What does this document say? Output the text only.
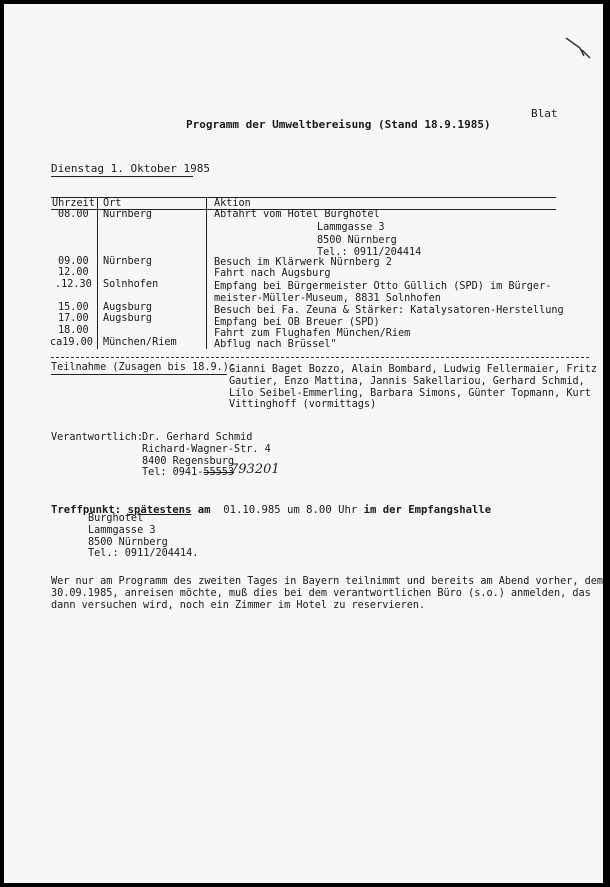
Blat
Programm der Umweltbereisung (Stand 18.9.1985)
Dienstag 1. Oktober 1985
Uhrzeit Ort	Aktion
08.00 Nürnberg	Abfahrt vom Hotel Burghotel
Lammgasse 3
8500 Nürnberg
Tel.: 0911/204414
09.00 Nürnberg	Besuch im Klärwerk Nürnberg 2
12.00	Fahrt nach Augsburg
.12.30 Solnhofen	Empfang bei Bürgermeister Otto Güllich (SPD) im Bürger-
meister-Müller-Museum, 8831 Solnhofen
15.00 Augsburg	Besuch bei Fa. Zeuna & Stärker: Katalysatoren-Herstellung
17.00 Augsburg	Empfang bei OB Breuer (SPD)
18.00	Fahrt zum Flughafen München/Riem
ca19.00 München/Riem	Abflug nach Brüssel"
Teilnahme (Zusagen bis 18.9.):
Gianni Baget Bozzo, Alain Bombard, Ludwig Fellermaier, Fritz
Gautier, Enzo Mattina, Jannis Sakellariou, Gerhard Schmid,
Lilo Seibel-Emmerling, Barbara Simons, Günter Topmann, Kurt
Vittinghoff (vormittags)
Verantwortlich:
Dr. Gerhard Schmid
Richard-Wagner-Str. 4
8400 Regensburg
Tel: 0941-55553
793201

Treffpunkt: spätestens am 01.10.985 um 8.00 Uhr im der Empfangshalle
Burghotel
Lammgasse 3
8500 Nürnberg
Tel.: 0911/204414.
Wer nur am Programm des zweiten Tages in Bayern teilnimmt und bereits am Abend vorher, dem
30.09.1985, anreisen möchte, muß dies bei dem verantwortlichen Büro (s.o.) anmelden, das
dann versuchen wird, noch ein Zimmer im Hotel zu reservieren.
